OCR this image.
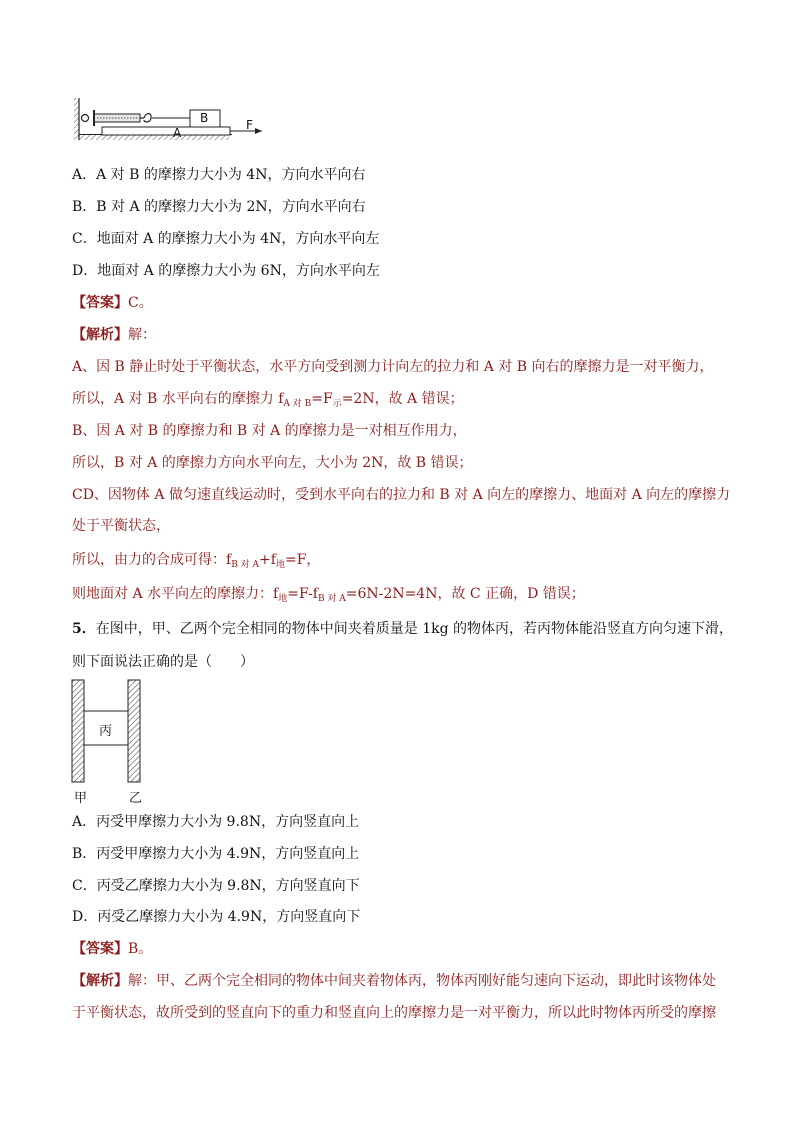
B
A
F
A．A 对 B 的摩擦力大小为 4N，方向水平向右
B．B 对 A 的摩擦力大小为 2N，方向水平向右
C．地面对 A 的摩擦力大小为 4N，方向水平向左
D．地面对 A 的摩擦力大小为 6N，方向水平向左
【答案】C。
【解析】解：
A、因 B 静止时处于平衡状态，水平方向受到测力计向左的拉力和 A 对 B 向右的摩擦力是一对平衡力，
所以，A 对 B 水平向右的摩擦力 $f_{A 对 B}=F_示=2N$，故 A 错误；
B、因 A 对 B 的摩擦力和 B 对 A 的摩擦力是一对相互作用力，
所以，B 对 A 的摩擦力方向水平向左，大小为 2N，故 B 错误；
CD、因物体 A 做匀速直线运动时，受到水平向右的拉力和 B 对 A 向左的摩擦力、地面对 A 向左的摩擦力
处于平衡状态，
所以，由力的合成可得：$f_{B 对 A}+f_地=F$，
则地面对 A 水平向左的摩擦力：$f_地=F-f_{B 对 A}=6N-2N=4N$，故 C 正确，D 错误；
5．在图中，甲、乙两个完全相同的物体中间夹着质量是 1kg 的物体丙，若丙物体能沿竖直方向匀速下滑，
则下面说法正确的是（　　）
丙
甲	乙
A．丙受甲摩擦力大小为 9.8N，方向竖直向上
B．丙受甲摩擦力大小为 4.9N，方向竖直向上
C．丙受乙摩擦力大小为 9.8N，方向竖直向下
D．丙受乙摩擦力大小为 4.9N，方向竖直向下
【答案】B。
【解析】解：甲、乙两个完全相同的物体中间夹着物体丙，物体丙刚好能匀速向下运动，即此时该物体处
于平衡状态，故所受到的竖直向下的重力和竖直向上的摩擦力是一对平衡力，所以此时物体丙所受的摩擦
